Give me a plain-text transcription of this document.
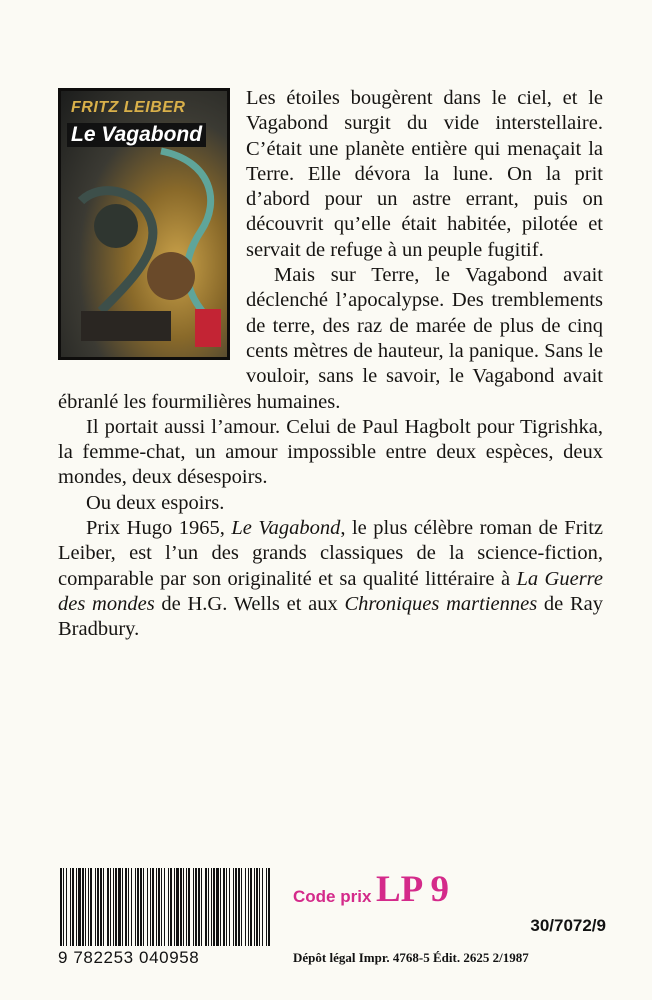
FRITZ LEIBER
Le Vagabond

Les étoiles bougèrent dans le ciel, et le Vagabond surgit du vide interstellaire. C’était une planète entière qui menaçait la Terre. Elle dévora la lune. On la prit d’abord pour un astre errant, puis on découvrit qu’elle était habitée, pilotée et servait de refuge à un peuple fugitif.

Mais sur Terre, le Vagabond avait déclenché l’apocalypse. Des tremblements de terre, des raz de marée de plus de cinq cents mètres de hauteur, la panique. Sans le vouloir, sans le savoir, le Vagabond avait ébranlé les fourmilières humaines.

Il portait aussi l’amour. Celui de Paul Hagbolt pour Tigrishka, la femme-chat, un amour impossible entre deux espèces, deux mondes, deux désespoirs.

Ou deux espoirs.

Prix Hugo 1965, Le Vagabond, le plus célèbre roman de Fritz Leiber, est l’un des grands classiques de la science-fiction, comparable par son originalité et sa qualité littéraire à La Guerre des mondes de H.G. Wells et aux Chroniques martiennes de Ray Bradbury.

9 782253 040958
Code prix LP 9
30/7072/9
Dépôt légal Impr. 4768-5 Édit. 2625 2/1987
